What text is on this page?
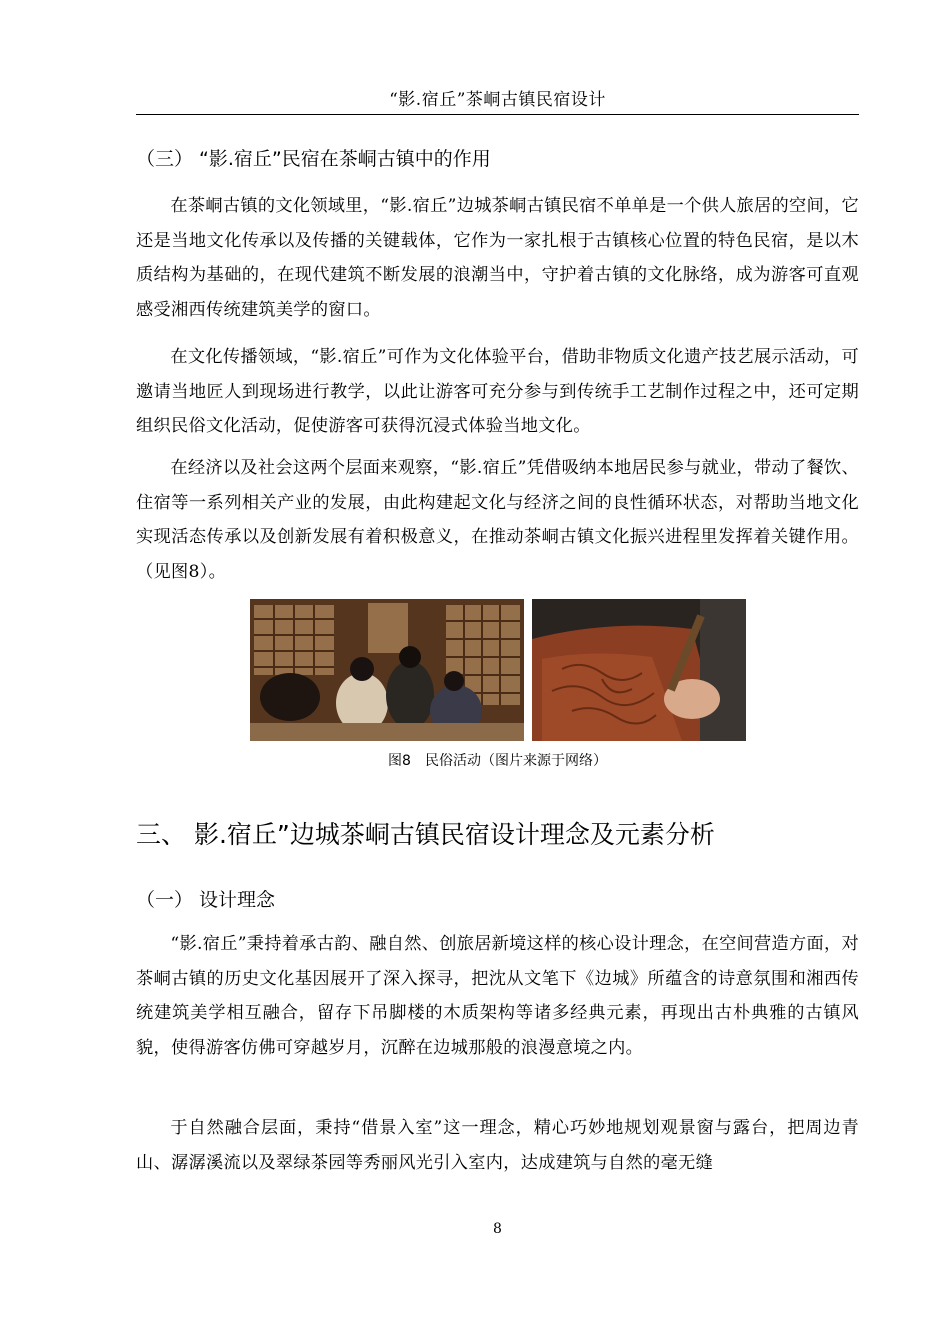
“影.宿丘”茶峒古镇民宿设计
（三） “影.宿丘”民宿在茶峒古镇中的作用

在茶峒古镇的文化领域里，“影.宿丘”边城茶峒古镇民宿不单单是一个供人旅居的空间，它还是当地文化传承以及传播的关键载体，它作为一家扎根于古镇核心位置的特色民宿，是以木质结构为基础的，在现代建筑不断发展的浪潮当中，守护着古镇的文化脉络，成为游客可直观感受湘西传统建筑美学的窗口。

在文化传播领域，“影.宿丘”可作为文化体验平台，借助非物质文化遗产技艺展示活动，可邀请当地匠人到现场进行教学，以此让游客可充分参与到传统手工艺制作过程之中，还可定期组织民俗文化活动，促使游客可获得沉浸式体验当地文化。

在经济以及社会这两个层面来观察，“影.宿丘”凭借吸纳本地居民参与就业，带动了餐饮、住宿等一系列相关产业的发展，由此构建起文化与经济之间的良性循环状态，对帮助当地文化实现活态传承以及创新发展有着积极意义，在推动茶峒古镇文化振兴进程里发挥着关键作用。（见图8）。

图8　民俗活动（图片来源于网络）
三、 影.宿丘”边城茶峒古镇民宿设计理念及元素分析
（一） 设计理念

“影.宿丘”秉持着承古韵、融自然、创旅居新境这样的核心设计理念，在空间营造方面，对茶峒古镇的历史文化基因展开了深入探寻，把沈从文笔下《边城》所蕴含的诗意氛围和湘西传统建筑美学相互融合，留存下吊脚楼的木质架构等诸多经典元素，再现出古朴典雅的古镇风貌，使得游客仿佛可穿越岁月，沉醉在边城那般的浪漫意境之内。

于自然融合层面，秉持“借景入室”这一理念，精心巧妙地规划观景窗与露台，把周边青山、潺潺溪流以及翠绿茶园等秀丽风光引入室内，达成建筑与自然的毫无缝

8
